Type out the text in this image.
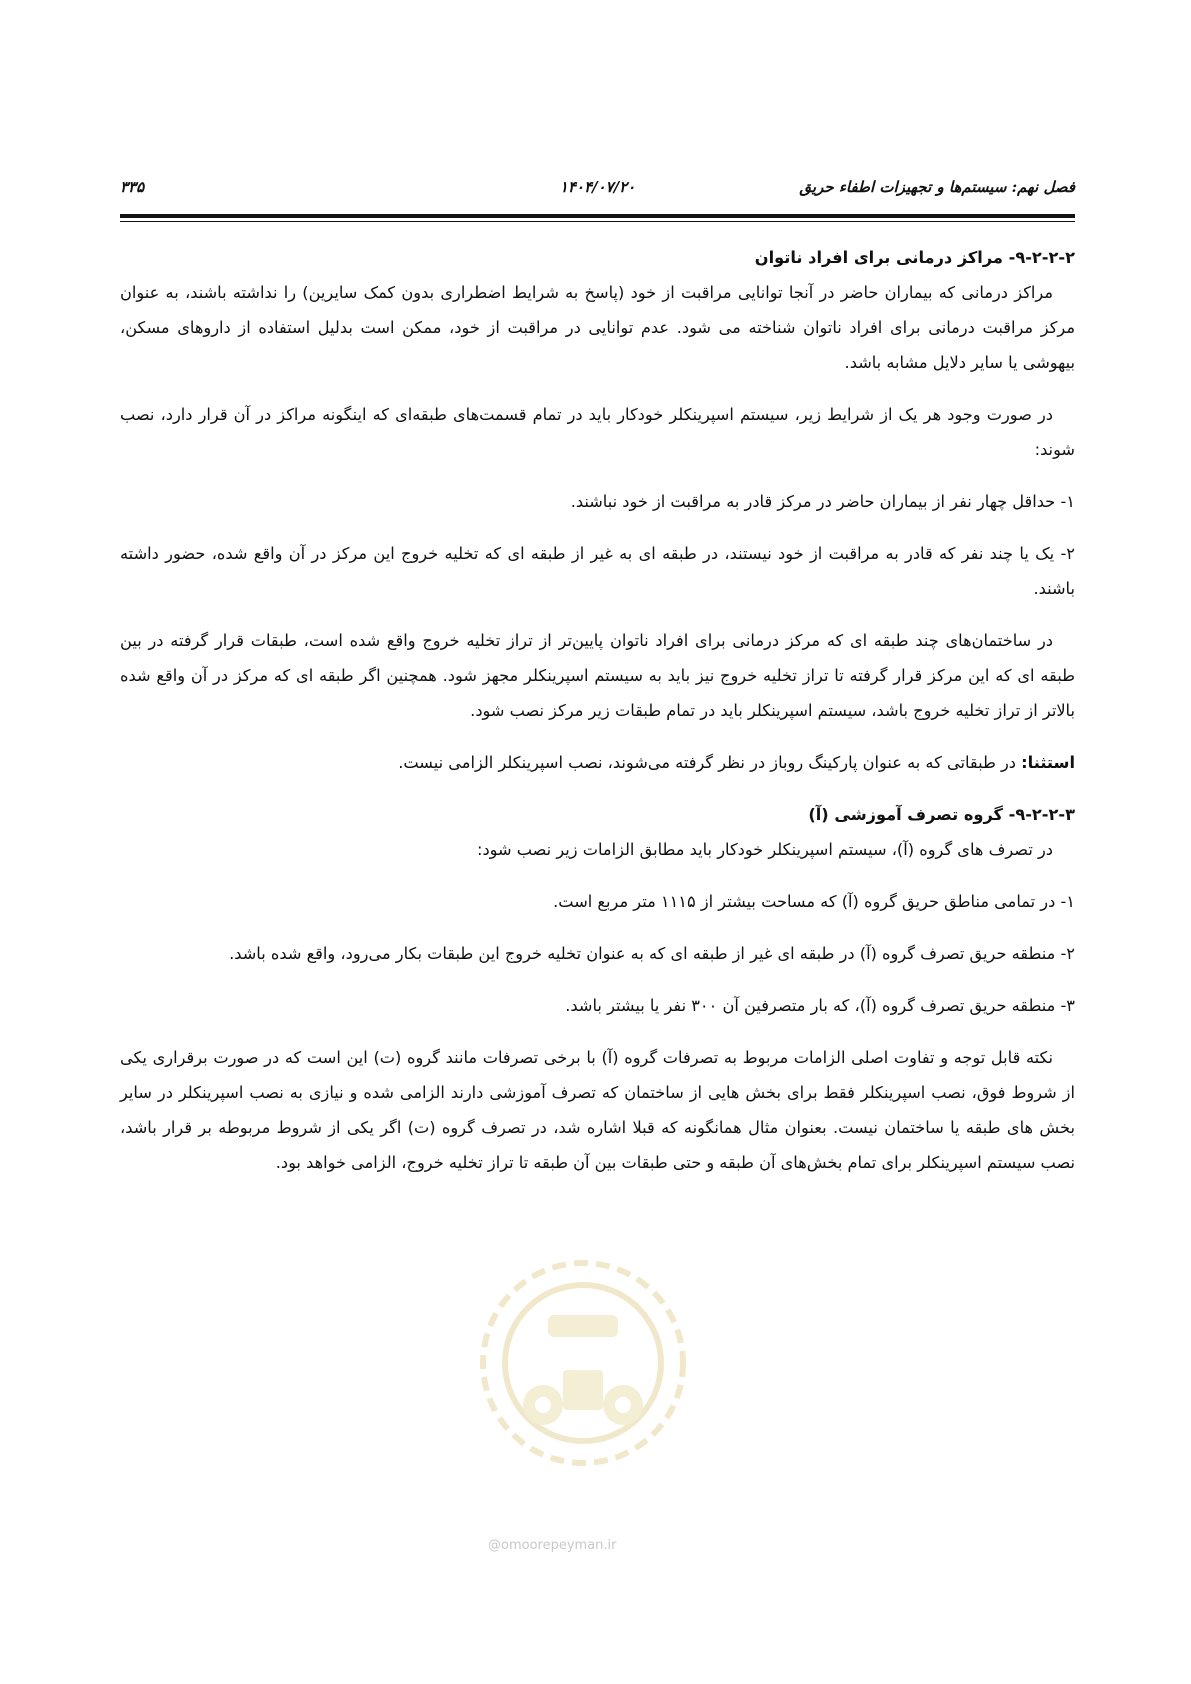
فصل نهم: سیستم‌ها و تجهیزات اطفاء حریق
۱۴۰۴/۰۷/۲۰
۳۳۵
@omoorepeyman.ir

۹-۲-۲-۲- مراکز درمانی برای افراد ناتوان

مراکز درمانی که بیماران حاضر در آنجا توانایی مراقبت از خود (پاسخ به شرایط اضطراری بدون کمک سایرین) را نداشته باشند، به عنوان مرکز مراقبت درمانی برای افراد ناتوان شناخته می شود. عدم توانایی در مراقبت از خود، ممکن است بدلیل استفاده از داروهای مسکن، بیهوشی یا سایر دلایل مشابه باشد.

در صورت وجود هر یک از شرایط زیر، سیستم اسپرینکلر خودکار باید در تمام قسمت‌های طبقه‌ای که اینگونه مراکز در آن قرار دارد، نصب شوند:

۱- حداقل چهار نفر از بیماران حاضر در مرکز قادر به مراقبت از خود نباشند.

۲- یک یا چند نفر که قادر به مراقبت از خود نیستند، در طبقه ای به غیر از طبقه ای که تخلیه خروج این مرکز در آن واقع شده، حضور داشته باشند.

در ساختمان‌های چند طبقه ای که مرکز درمانی برای افراد ناتوان پایین‌تر از تراز تخلیه خروج واقع شده است، طبقات قرار گرفته در بین طبقه ای که این مرکز قرار گرفته تا تراز تخلیه خروج نیز باید به سیستم اسپرینکلر مجهز شود. همچنین اگر طبقه ای که مرکز در آن واقع شده بالاتر از تراز تخلیه خروج باشد، سیستم اسپرینکلر باید در تمام طبقات زیر مرکز نصب شود.

استثنا: در طبقاتی که به عنوان پارکینگ روباز در نظر گرفته می‌شوند، نصب اسپرینکلر الزامی نیست.

۹-۲-۲-۳- گروه تصرف آموزشی (آ)

در تصرف های گروه (آ)، سیستم اسپرینکلر خودکار باید مطابق الزامات زیر نصب شود:

۱- در تمامی مناطق حریق گروه (آ) که مساحت بیشتر از ۱۱۱۵ متر مربع است.

۲- منطقه حریق تصرف گروه (آ) در طبقه ای غیر از طبقه ای که به عنوان تخلیه خروج این طبقات بکار می‌رود، واقع شده باشد.

۳- منطقه حریق تصرف گروه (آ)، که بار متصرفین آن ۳۰۰ نفر یا بیشتر باشد.

نکته قابل توجه و تفاوت اصلی الزامات مربوط به تصرفات گروه (آ) با برخی تصرفات مانند گروه (ت) این است که در صورت برقراری یکی از شروط فوق، نصب اسپرینکلر فقط برای بخش هایی از ساختمان که تصرف آموزشی دارند الزامی شده و نیازی به نصب اسپرینکلر در سایر بخش های طبقه یا ساختمان نیست. بعنوان مثال همانگونه که قبلا اشاره شد، در تصرف گروه (ت) اگر یکی از شروط مربوطه بر قرار باشد، نصب سیستم اسپرینکلر برای تمام بخش‌های آن طبقه و حتی طبقات بین آن طبقه تا تراز تخلیه خروج، الزامی خواهد بود.
